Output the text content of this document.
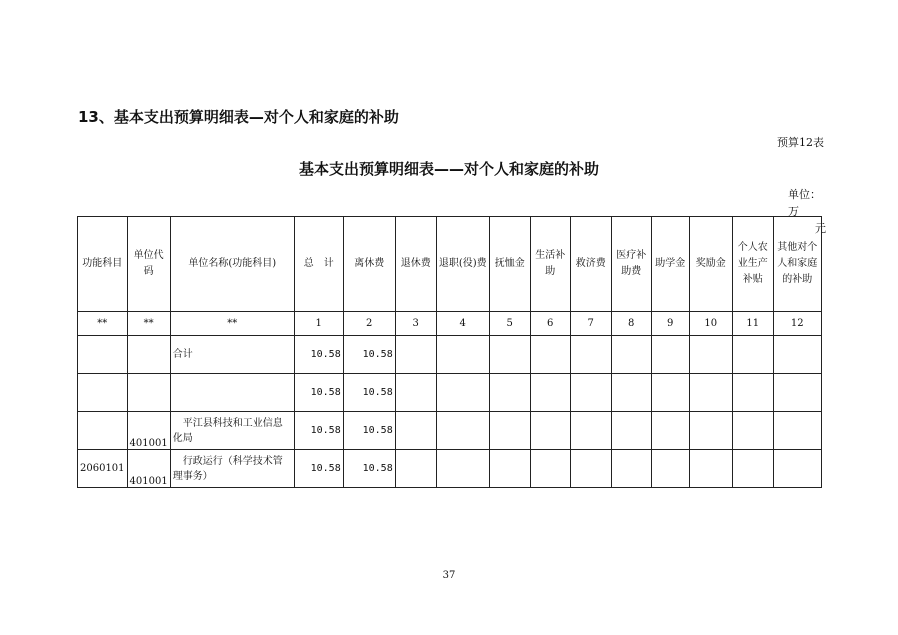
13、基本支出预算明细表—对个人和家庭的补助
预算12表
基本支出预算明细表——对个人和家庭的补助
单位：万
元
功能科目	单位代码	单位名称(功能科目)	总　计	离休费	退休费	退职(役)费	抚恤金	生活补助	救济费	医疗补助费	助学金	奖励金	个人农业生产补贴	其他对个人和家庭的补助
**	**	**	1	2	3	4	5	6	7	8	9	10	11	12
		合计	10.58	10.58										
			10.58	10.58										
	401001	　平江县科技和工业信息化局	10.58	10.58										
2060101	401001	　行政运行（科学技术管理事务）	10.58	10.58										
37
